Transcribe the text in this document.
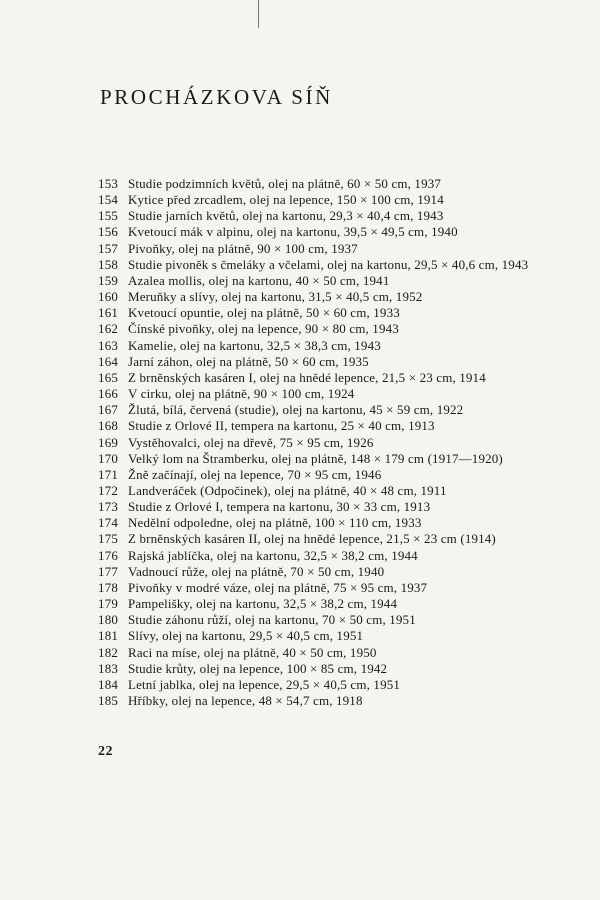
PROCHÁZKOVA SÍŇ
153 Studie podzimních květů, olej na plátně, 60 × 50 cm, 1937
154 Kytice před zrcadlem, olej na lepence, 150 × 100 cm, 1914
155 Studie jarních květů, olej na kartonu, 29,3 × 40,4 cm, 1943
156 Kvetoucí mák v alpinu, olej na kartonu, 39,5 × 49,5 cm, 1940
157 Pivoňky, olej na plátně, 90 × 100 cm, 1937
158 Studie pivoněk s čmeláky a včelami, olej na kartonu, 29,5 × 40,6 cm, 1943
159 Azalea mollis, olej na kartonu, 40 × 50 cm, 1941
160 Meruňky a slívy, olej na kartonu, 31,5 × 40,5 cm, 1952
161 Kvetoucí opuntie, olej na plátně, 50 × 60 cm, 1933
162 Čínské pivoňky, olej na lepence, 90 × 80 cm, 1943
163 Kamelie, olej na kartonu, 32,5 × 38,3 cm, 1943
164 Jarní záhon, olej na plátně, 50 × 60 cm, 1935
165 Z brněnských kasáren I, olej na hnědé lepence, 21,5 × 23 cm, 1914
166 V cirku, olej na plátně, 90 × 100 cm, 1924
167 Žlutá, bílá, červená (studie), olej na kartonu, 45 × 59 cm, 1922
168 Studie z Orlové II, tempera na kartonu, 25 × 40 cm, 1913
169 Vystěhovalci, olej na dřevě, 75 × 95 cm, 1926
170 Velký lom na Štramberku, olej na plátně, 148 × 179 cm (1917—1920)
171 Žně začínají, olej na lepence, 70 × 95 cm, 1946
172 Landveráček (Odpočinek), olej na plátně, 40 × 48 cm, 1911
173 Studie z Orlové I, tempera na kartonu, 30 × 33 cm, 1913
174 Nedělní odpoledne, olej na plátně, 100 × 110 cm, 1933
175 Z brněnských kasáren II, olej na hnědé lepence, 21,5 × 23 cm (1914)
176 Rajská jablíčka, olej na kartonu, 32,5 × 38,2 cm, 1944
177 Vadnoucí růže, olej na plátně, 70 × 50 cm, 1940
178 Pivoňky v modré váze, olej na plátně, 75 × 95 cm, 1937
179 Pampelišky, olej na kartonu, 32,5 × 38,2 cm, 1944
180 Studie záhonu růží, olej na kartonu, 70 × 50 cm, 1951
181 Slívy, olej na kartonu, 29,5 × 40,5 cm, 1951
182 Raci na míse, olej na plátně, 40 × 50 cm, 1950
183 Studie krůty, olej na lepence, 100 × 85 cm, 1942
184 Letní jablka, olej na lepence, 29,5 × 40,5 cm, 1951
185 Hříbky, olej na lepence, 48 × 54,7 cm, 1918
22
